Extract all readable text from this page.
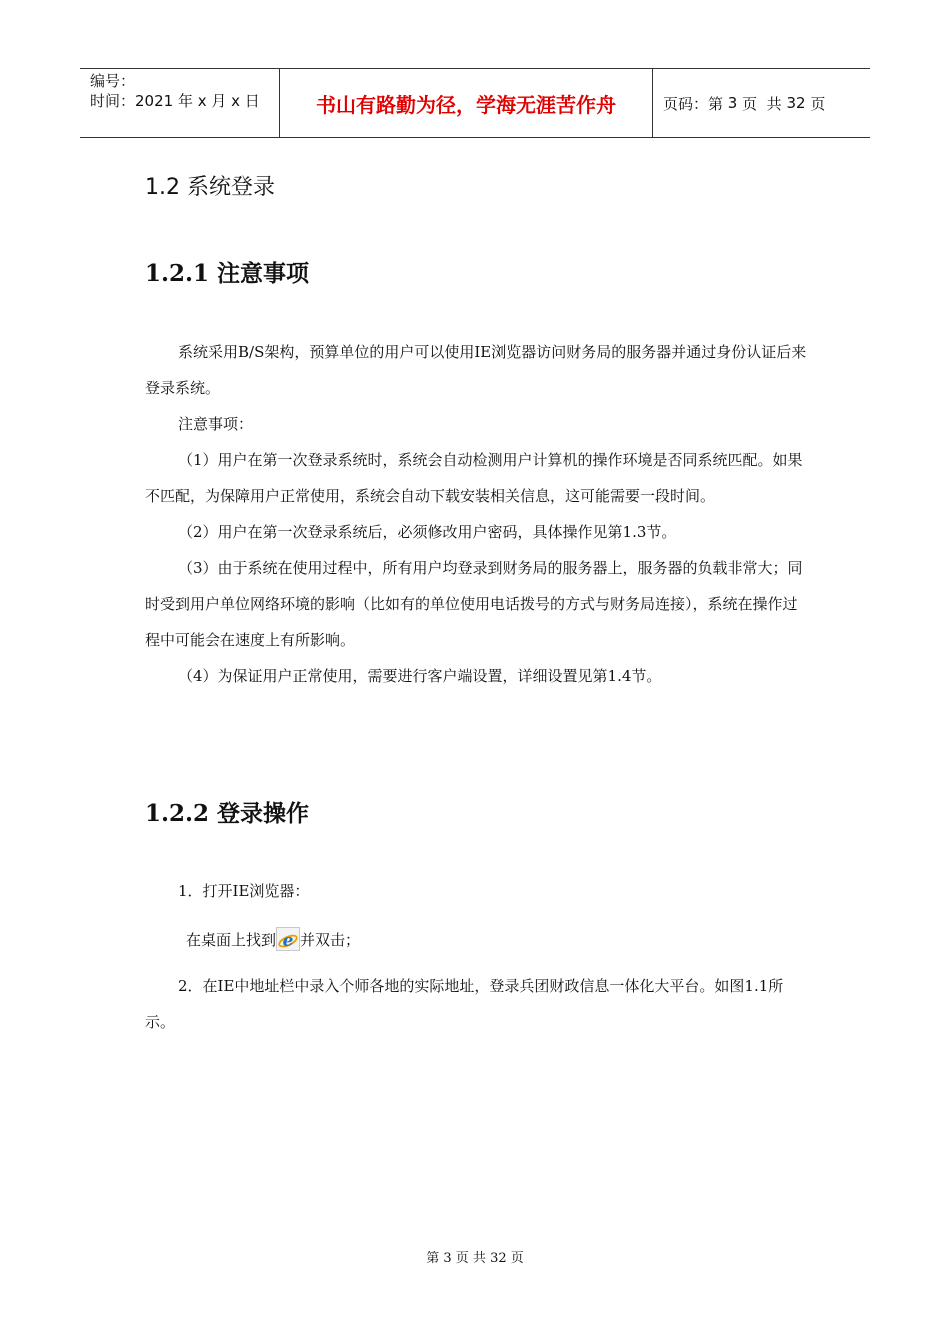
编号：
时间：2021 年 x 月 x 日	书山有路勤为径，学海无涯苦作舟	页码：第
3
页  共
32
页
1.2 系统登录
1.2.1 注意事项

系统采用B/S架构，预算单位的用户可以使用IE浏览器访问财务局的服务器并通过身份认证后来登录系统。

注意事项：

（1）用户在第一次登录系统时，系统会自动检测用户计算机的操作环境是否同系统匹配。如果不匹配，为保障用户正常使用，系统会自动下载安装相关信息，这可能需要一段时间。

（2）用户在第一次登录系统后，必须修改用户密码，具体操作见第1.3节。

（3）由于系统在使用过程中，所有用户均登录到财务局的服务器上，服务器的负载非常大；同时受到用户单位网络环境的影响（比如有的单位使用电话拨号的方式与财务局连接），系统在操作过程中可能会在速度上有所影响。

（4）为保证用户正常使用，需要进行客户端设置，详细设置见第1.4节。

1.2.2 登录操作
1．打开IE浏览器：
在桌面上找到 e 并双击；

2．在IE中地址栏中录入个师各地的实际地址，登录兵团财政信息一体化大平台。如图1.1所示。

第 3 页 共 32 页
